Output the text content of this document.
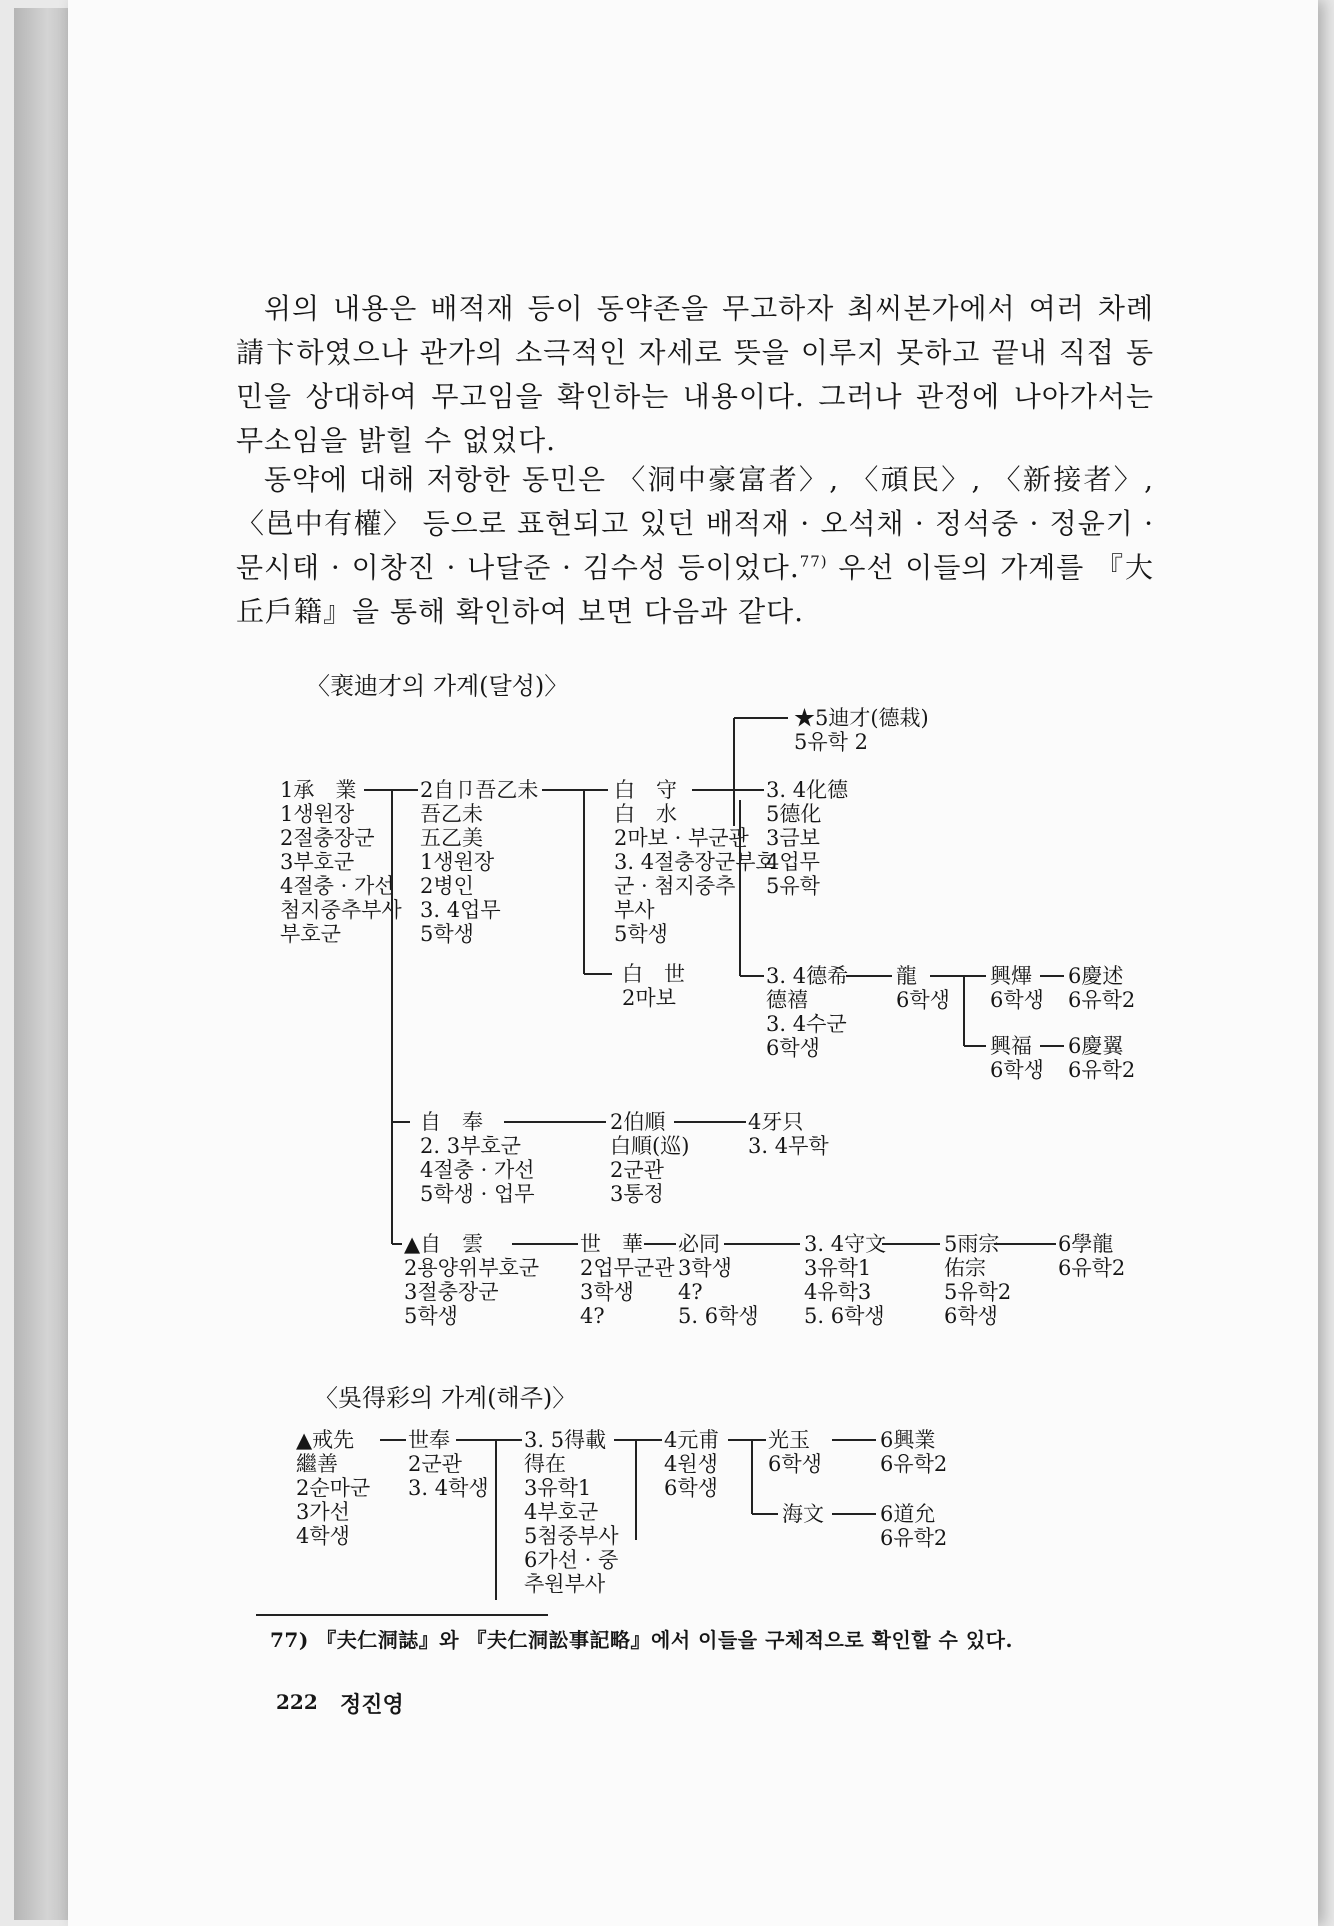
위의 내용은 배적재 등이 동약존을 무고하자 최씨본가에서 여러 차례 請卞하였으나 관가의 소극적인 자세로 뜻을 이루지 못하고 끝내 직접 동민을 상대하여 무고임을 확인하는 내용이다. 그러나 관정에 나아가서는 무소임을 밝힐 수 없었다.
동약에 대해 저항한 동민은 〈洞中豪富者〉, 〈頑民〉, 〈新接者〉, 〈邑中有權〉 등으로 표현되고 있던 배적재 · 오석채 · 정석중 · 정윤기 · 문시태 · 이창진 · 나달준 · 김수성 등이었다.$^{77)}$ 우선 이들의 가계를 『大丘戶籍』을 통해 확인하여 보면 다음과 같다.
〈裵迪才의 가계(달성)〉
1承　業
1생원장
2절충장군
3부호군
4절충 · 가선
첨지중추부사
부호군
2自卩吾乙未
吾乙未
五乙美
1생원장
2병인
3. 4업무
5학생
白　守
白　水
2마보 · 부군관
3. 4절충장군부호
군 · 첨지중추
부사
5학생
白　世
2마보
★5迪才(德栽)
5유학 2
3. 4化德
5德化
3금보
4업무
5유학
3. 4德希
德禧
3. 4수군
6학생
龍
6학생
興熚
6학생
興福
6학생
6慶述
6유학2
6慶翼
6유학2
自　奉
2. 3부호군
4절충 · 가선
5학생 · 업무
2伯順
白順(巡)
2군관
3통정
4牙只
3. 4무학
▲自　雲
2용양위부호군
3절충장군
5학생
世　華
2업무군관
3학생
4?
必同
3학생
4?
5. 6학생
3. 4守文
3유학1
4유학3
5. 6학생
5雨宗
佑宗
5유학2
6학생
6學龍
6유학2
〈吳得彩의 가계(해주)〉
▲戒先
繼善
2순마군
3가선
4학생
世奉
2군관
3. 4학생
3. 5得載
得在
3유학1
4부호군
5첨중부사
6가선 · 중
추원부사
4元甫
4원생
6학생
光玉
6학생
海文
6興業
6유학2
6道允
6유학2
77) 『夫仁洞誌』와 『夫仁洞訟事記略』에서 이들을 구체적으로 확인할 수 있다.
222 정진영
